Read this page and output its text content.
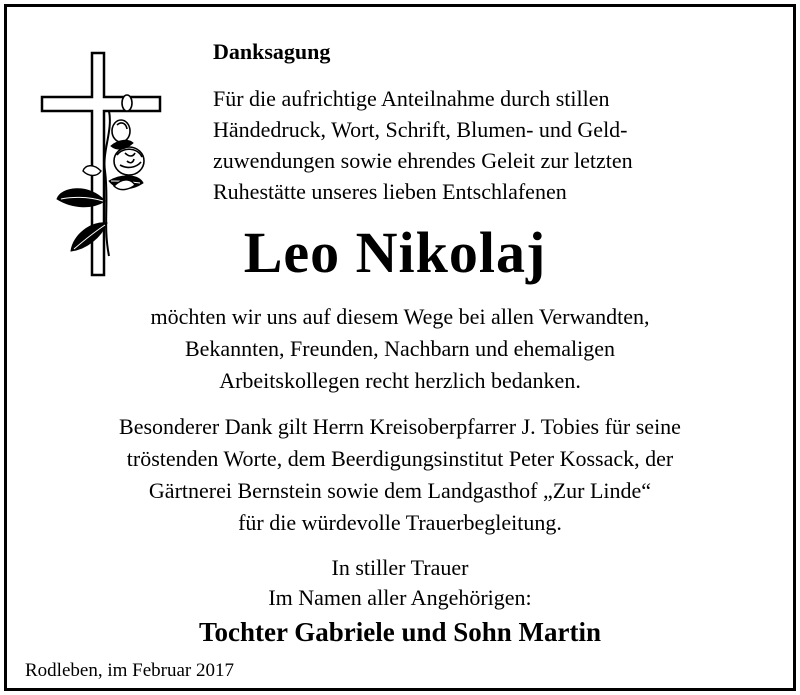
Danksagung
Für die aufrichtige Anteilnahme durch stillen
Händedruck, Wort, Schrift, Blumen- und Geld-
zuwendungen sowie ehrendes Geleit zur letzten
Ruhestätte unseres lieben Entschlafenen
Leo Nikolaj
möchten wir uns auf diesem Wege bei allen Verwandten,
Bekannten, Freunden, Nachbarn und ehemaligen
Arbeitskollegen recht herzlich bedanken.
Besonderer Dank gilt Herrn Kreisoberpfarrer J. Tobies für seine
tröstenden Worte, dem Beerdigungsinstitut Peter Kossack, der
Gärtnerei Bernstein sowie dem Landgasthof „Zur Linde“
für die würdevolle Trauerbegleitung.
In stiller Trauer
Im Namen aller Angehörigen:
Tochter Gabriele und Sohn Martin
Rodleben, im Februar 2017
